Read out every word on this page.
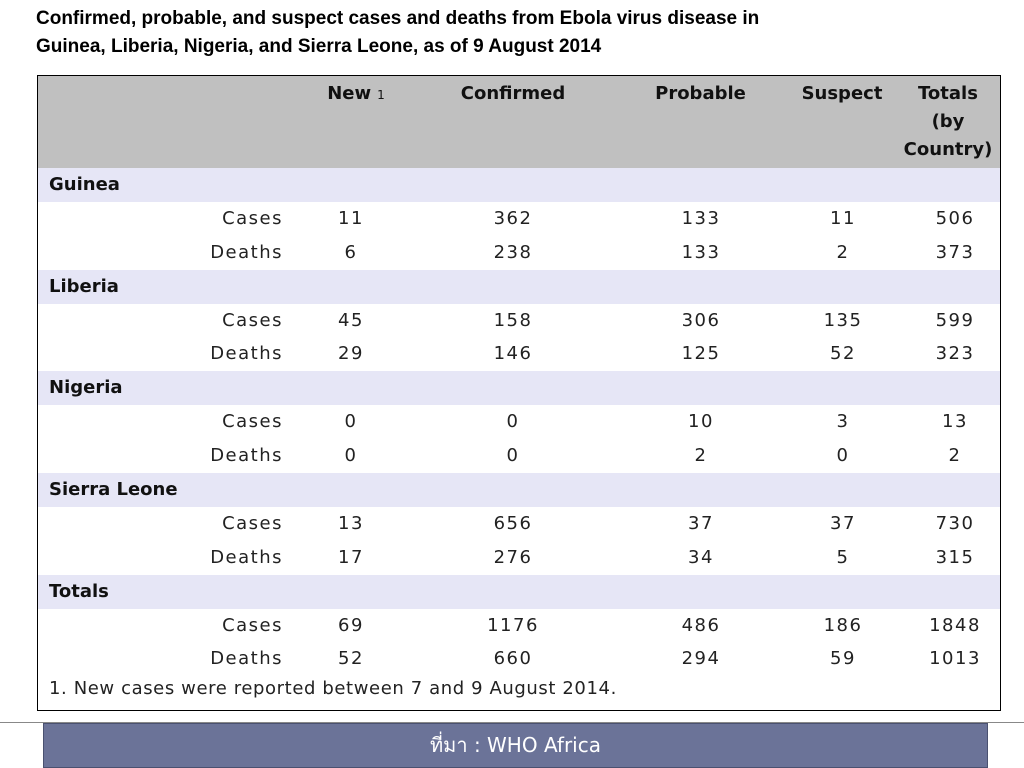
Confirmed, probable, and suspect cases and deaths from Ebola virus disease in
Guinea, Liberia, Nigeria, and Sierra Leone, as of 9 August 2014
New 1	Confirmed	Probable	Suspect	Totals
(by
Country)
Guinea
Cases	11	362	133	11	506
Deaths	6	238	133	2	373
Liberia
Cases	45	158	306	135	599
Deaths	29	146	125	52	323
Nigeria
Cases	0	0	10	3	13
Deaths	0	0	2	0	2
Sierra Leone
Cases	13	656	37	37	730
Deaths	17	276	34	5	315
Totals
Cases	69	1176	486	186	1848
Deaths	52	660	294	59	1013
1. New cases were reported between 7 and 9 August 2014.
ที่มา : WHO Africa
